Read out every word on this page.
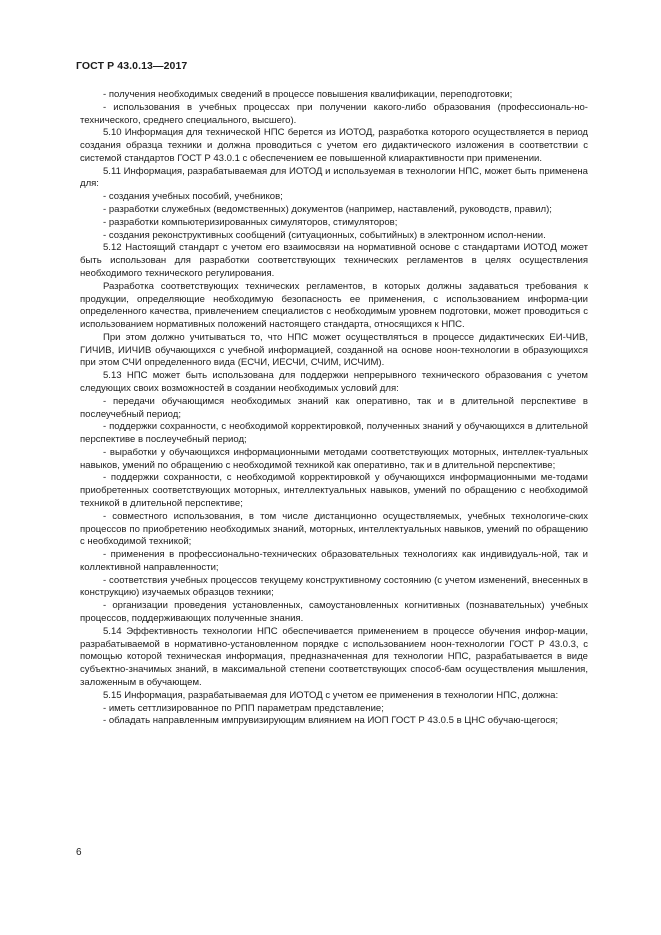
ГОСТ Р 43.0.13—2017

- получения необходимых сведений в процессе повышения квалификации, переподготовки;

- использования в учебных процессах при получении какого-либо образования (профессиональ-но-технического, среднего специального, высшего).

5.10 Информация для технической НПС берется из ИОТОД, разработка которого осуществляется в период создания образца техники и должна проводиться с учетом его дидактического изложения в соответствии с системой стандартов ГОСТ Р 43.0.1 с обеспечением ее повышенной клиарактивности при применении.

5.11 Информация, разрабатываемая для ИОТОД и используемая в технологии НПС, может быть применена для:

- создания учебных пособий, учебников;

- разработки служебных (ведомственных) документов (например, наставлений, руководств, правил);

- разработки компьютеризированных симуляторов, стимуляторов;

- создания реконструктивных сообщений (ситуационных, событийных) в электронном испол-нении.

5.12 Настоящий стандарт с учетом его взаимосвязи на нормативной основе с стандартами ИОТОД может быть использован для разработки соответствующих технических регламентов в целях осуществления необходимого технического регулирования.

Разработка соответствующих технических регламентов, в которых должны задаваться требования к продукции, определяющие необходимую безопасность ее применения, с использованием информа-ции определенного качества, привлечением специалистов с необходимым уровнем подготовки, может проводиться с использованием нормативных положений настоящего стандарта, относящихся к НПС.

При этом должно учитываться то, что НПС может осуществляться в процессе дидактических ЕИ-ЧИВ, ГИЧИВ, ИИЧИВ обучающихся с учебной информацией, созданной на основе ноон-технологии в образующихся при этом СЧИ определенного вида (ЕСЧИ, ИЕСЧИ, СЧИМ, ИСЧИМ).

5.13 НПС может быть использована для поддержки непрерывного технического образования с учетом следующих своих возможностей в создании необходимых условий для:

- передачи обучающимся необходимых знаний как оперативно, так и в длительной перспективе в послеучебный период;

- поддержки сохранности, с необходимой корректировкой, полученных знаний у обучающихся в длительной перспективе в послеучебный период;

- выработки у обучающихся информационными методами соответствующих моторных, интеллек-туальных навыков, умений по обращению с необходимой техникой как оперативно, так и в длительной перспективе;

- поддержки сохранности, с необходимой корректировкой у обучающихся информационными ме-тодами приобретенных соответствующих моторных, интеллектуальных навыков, умений по обращению с необходимой техникой в длительной перспективе;

- совместного использования, в том числе дистанционно осуществляемых, учебных технологиче-ских процессов по приобретению необходимых знаний, моторных, интеллектуальных навыков, умений по обращению с необходимой техникой;

- применения в профессионально-технических образовательных технологиях как индивидуаль-ной, так и коллективной направленности;

- соответствия учебных процессов текущему конструктивному состоянию (с учетом изменений, внесенных в конструкцию) изучаемых образцов техники;

- организации проведения установленных, самоустановленных когнитивных (познавательных) учебных процессов, поддерживающих полученные знания.

5.14 Эффективность технологии НПС обеспечивается применением в процессе обучения инфор-мации, разрабатываемой в нормативно-установленном порядке с использованием ноон-технологии ГОСТ Р 43.0.3, с помощью которой техническая информация, предназначенная для технологии НПС, разрабатывается в виде субъектно-значимых знаний, в максимальной степени соответствующих способ-бам осуществления мышления, заложенным в обучающем.

5.15 Информация, разрабатываемая для ИОТОД с учетом ее применения в технологии НПС, должна:

- иметь сеттлизированное по РПП параметрам представление;

- обладать направленным импрувизирующим влиянием на ИОП ГОСТ Р 43.0.5 в ЦНС обучаю-щегося;

6
